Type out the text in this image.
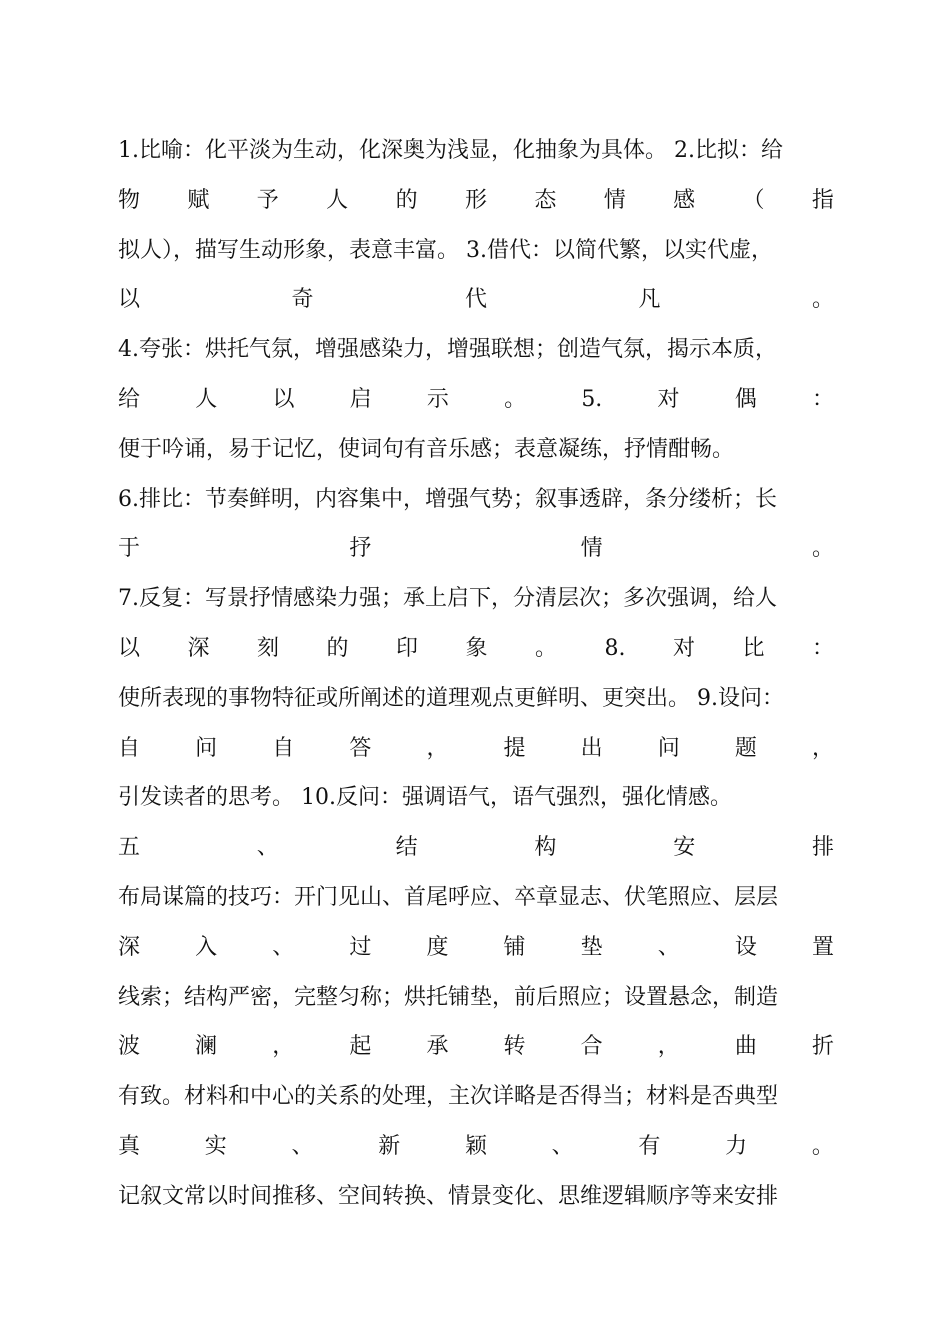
1.比喻：化平淡为生动，化深奥为浅显，化抽象为具体。 2.比拟：给
物 赋 予 人 的 形 态 情 感 （ 指
拟人），描写生动形象，表意丰富。 3.借代：以简代繁，以实代虚，
以	奇	代	凡	。
4.夸张：烘托气氛，增强感染力，增强联想；创造气氛，揭示本质，
给	人	以	启	示	。	5.	对	偶	：
便于吟诵，易于记忆，使词句有音乐感；表意凝练，抒情酣畅。
6.排比：节奏鲜明，内容集中，增强气势；叙事透辟，条分缕析；长
于	抒	情	。
7.反复：写景抒情感染力强；承上启下，分清层次；多次强调，给人
以 深 刻 的 印 象 。 8. 对 比 ：
使所表现的事物特征或所阐述的道理观点更鲜明、更突出。 9.设问：
自	问	自	答	，	提	出	问	题	，
引发读者的思考。 10.反问：强调语气，语气强烈，强化情感。
五	、	结	构	安	排
布局谋篇的技巧：开门见山、首尾呼应、卒章显志、伏笔照应、层层
深	入	、	过	度	铺	垫	、	设	置
线索；结构严密，完整匀称；烘托铺垫，前后照应；设置悬念，制造
波	澜	，	起	承	转	合	，	曲	折
有致。材料和中心的关系的处理，主次详略是否得当；材料是否典型
真	实	、	新	颖	、	有	力	。
记叙文常以时间推移、空间转换、情景变化、思维逻辑顺序等来安排
